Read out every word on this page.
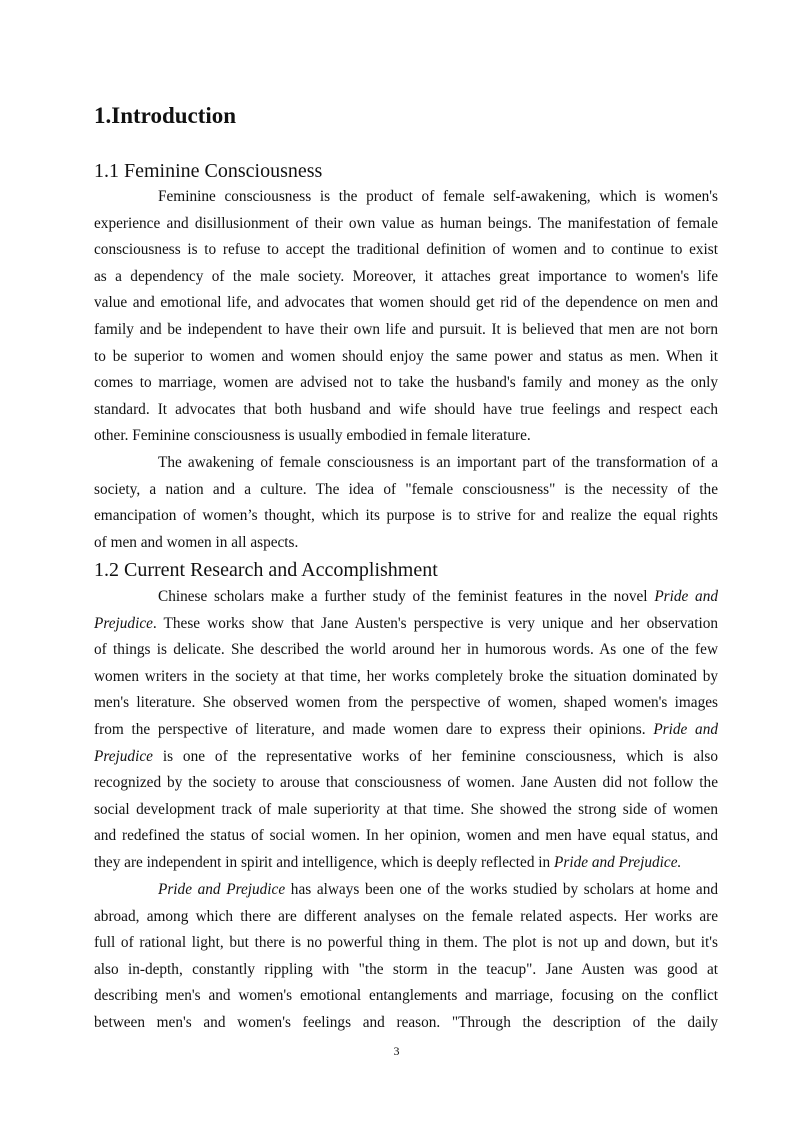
1.Introduction
1.1 Feminine Consciousness
Feminine consciousness is the product of female self-awakening, which is women's
experience and disillusionment of their own value as human beings. The manifestation of female
consciousness is to refuse to accept the traditional definition of women and to continue to exist
as a dependency of the male society. Moreover, it attaches great importance to women's life
value and emotional life, and advocates that women should get rid of the dependence on men and
family and be independent to have their own life and pursuit. It is believed that men are not born
to be superior to women and women should enjoy the same power and status as men. When it
comes to marriage, women are advised not to take the husband's family and money as the only
standard. It advocates that both husband and wife should have true feelings and respect each
other. Feminine consciousness is usually embodied in female literature.
The awakening of female consciousness is an important part of the transformation of a
society, a nation and a culture. The idea of "female consciousness" is the necessity of the
emancipation of women’s thought, which its purpose is to strive for and realize the equal rights
of men and women in all aspects.
1.2 Current Research and Accomplishment
Chinese scholars make a further study of the feminist features in the novel Pride and
Prejudice. These works show that Jane Austen's perspective is very unique and her observation
of things is delicate. She described the world around her in humorous words. As one of the few
women writers in the society at that time, her works completely broke the situation dominated by
men's literature. She observed women from the perspective of women, shaped women's images
from the perspective of literature, and made women dare to express their opinions. Pride and
Prejudice is one of the representative works of her feminine consciousness, which is also
recognized by the society to arouse that consciousness of women. Jane Austen did not follow the
social development track of male superiority at that time. She showed the strong side of women
and redefined the status of social women. In her opinion, women and men have equal status, and
they are independent in spirit and intelligence, which is deeply reflected in Pride and Prejudice.
Pride and Prejudice has always been one of the works studied by scholars at home and
abroad, among which there are different analyses on the female related aspects. Her works are
full of rational light, but there is no powerful thing in them. The plot is not up and down, but it's
also in-depth, constantly rippling with "the storm in the teacup". Jane Austen was good at
describing men's and women's emotional entanglements and marriage, focusing on the conflict
between men's and women's feelings and reason. "Through the description of the daily
3
